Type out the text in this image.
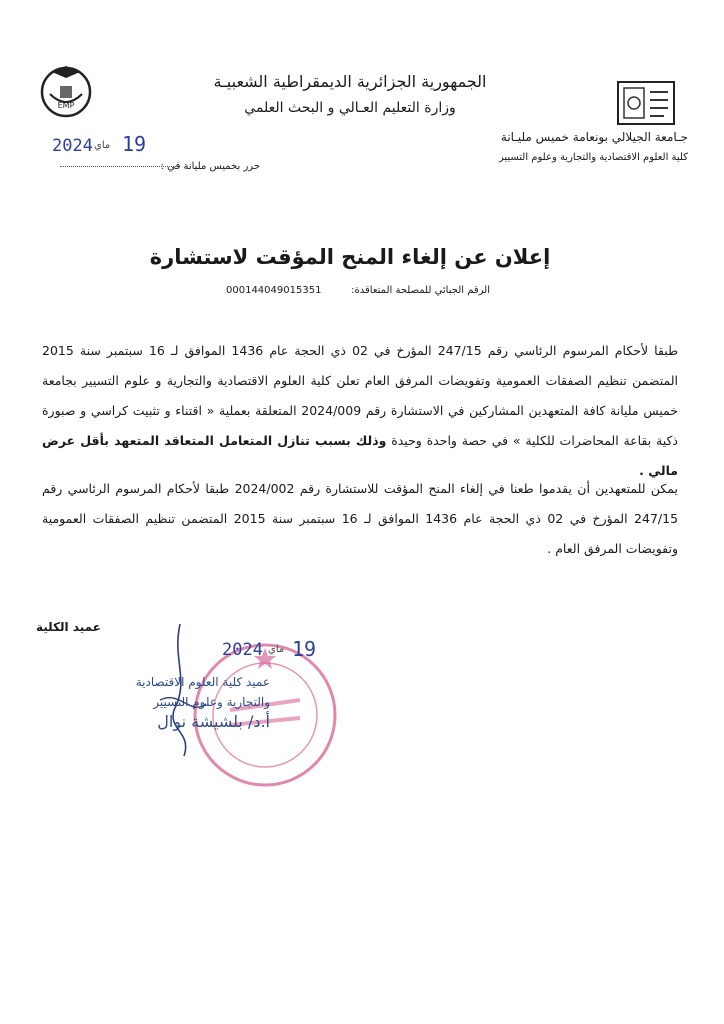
EMP
الجمهورية الجزائرية الديمقراطية الشعبيـة
وزارة التعليم العـالي و البحث العلمي
جـامعة الجيلالي بونعامة خميس مليـانة
كلية العلوم الاقتصادية والتجارية وعلوم التسيير
2024 ماي 19
حرر بخميس مليانة في :
إعلان عن إلغاء المنح المؤقت لاستشارة
الرقم الجبائي للمصلحة المتعاقدة:
000144049015351
طبقا لأحكام المرسوم الرئاسي رقم 247/15 المؤرخ في 02 ذي الحجة عام 1436 الموافق لـ 16 سبتمبر سنة 2015 المتضمن تنظيم الصفقات العمومية وتفويضات المرفق العام تعلن كلية العلوم الاقتصادية والتجارية و علوم التسيير بجامعة خميس مليانة كافة المتعهدين المشاركين في الاستشارة رقم 2024/009 المتعلقة بعملية « اقتناء و تثبيت كراسي و صبورة ذكية بقاعة المحاضرات للكلية » في حصة واحدة وحيدة وذلك بسبب تنازل المتعامل المتعاقد المتعهد بأقل عرض مالي .
يمكن للمتعهدين أن يقدموا طعنا في إلغاء المنح المؤقت للاستشارة رقم 2024/002 طبقا لأحكام المرسوم الرئاسي رقم 247/15 المؤرخ في 02 ذي الحجة عام 1436 الموافق لـ 16 سبتمبر سنة 2015 المتضمن تنظيم الصفقات العمومية وتفويضات المرفق العام .
عميد الكلية
2024 ماي 19
عميد كلية العلوم الاقتصادية
والتجارية وعلوم التسيير
أ.د/ بلشيشة نوال
